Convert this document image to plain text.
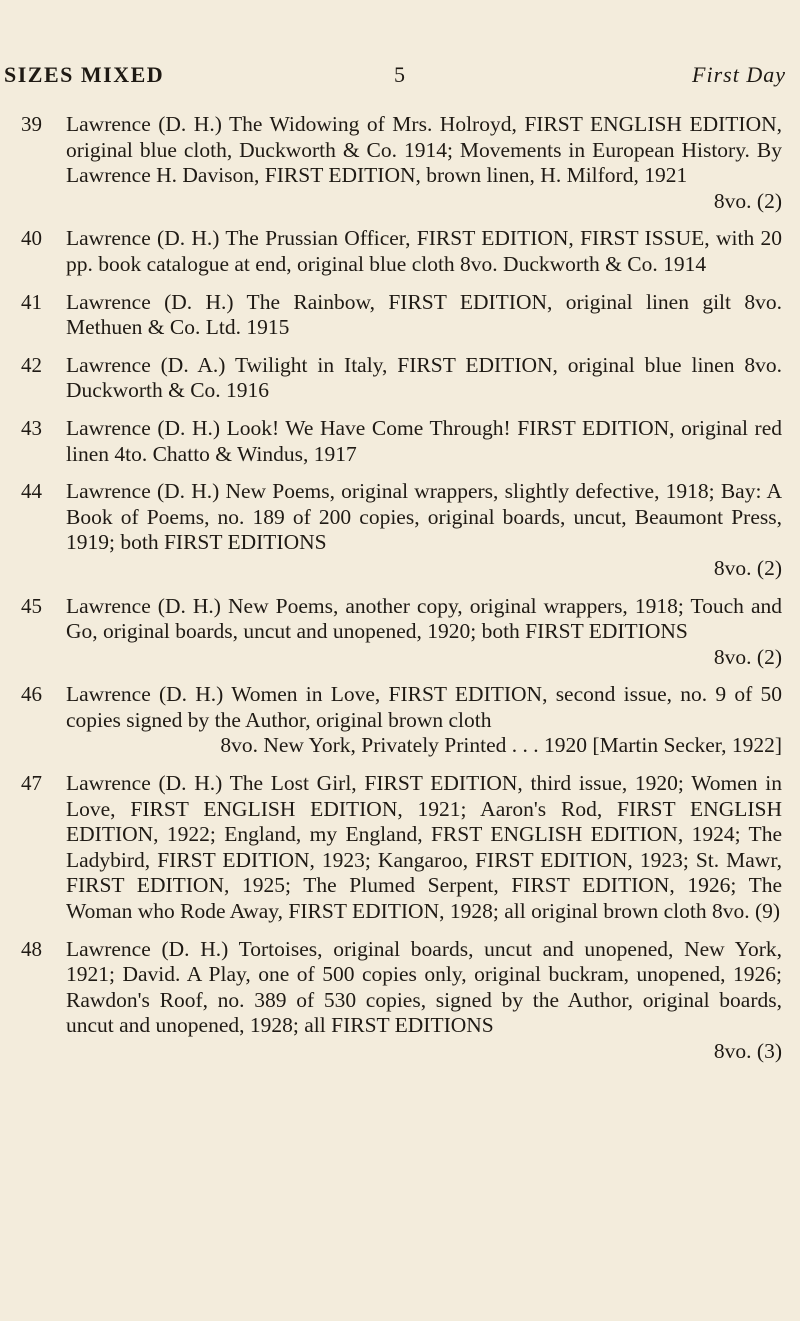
SIZES MIXED	5	First Day
39 Lawrence (D. H.) The Widowing of Mrs. Holroyd, FIRST ENGLISH EDITION, original blue cloth, Duckworth & Co. 1914; Movements in European History. By Lawrence H. Davison, FIRST EDITION, brown linen, H. Milford, 1921
8vo. (2)
40 Lawrence (D. H.) The Prussian Officer, FIRST EDITION, FIRST ISSUE, with 20 pp. book catalogue at end, original blue cloth 8vo. Duckworth & Co. 1914
41 Lawrence (D. H.) The Rainbow, FIRST EDITION, original linen gilt 8vo. Methuen & Co. Ltd. 1915
42 Lawrence (D. A.) Twilight in Italy, FIRST EDITION, original blue linen 8vo. Duckworth & Co. 1916
43 Lawrence (D. H.) Look! We Have Come Through! FIRST EDITION, original red linen 4to. Chatto & Windus, 1917
44 Lawrence (D. H.) New Poems, original wrappers, slightly defective, 1918; Bay: A Book of Poems, no. 189 of 200 copies, original boards, uncut, Beaumont Press, 1919; both FIRST EDITIONS
8vo. (2)
45 Lawrence (D. H.) New Poems, another copy, original wrappers, 1918; Touch and Go, original boards, uncut and unopened, 1920; both FIRST EDITIONS
8vo. (2)
46 Lawrence (D. H.) Women in Love, FIRST EDITION, second issue, no. 9 of 50 copies signed by the Author, original brown cloth
8vo. New York, Privately Printed . . . 1920 [Martin Secker, 1922]
47 Lawrence (D. H.) The Lost Girl, FIRST EDITION, third issue, 1920; Women in Love, FIRST ENGLISH EDITION, 1921; Aaron's Rod, FIRST ENGLISH EDITION, 1922; England, my England, FRST ENGLISH EDITION, 1924; The Ladybird, FIRST EDITION, 1923; Kangaroo, FIRST EDITION, 1923; St. Mawr, FIRST EDITION, 1925; The Plumed Serpent, FIRST EDITION, 1926; The Woman who Rode Away, FIRST EDITION, 1928; all original brown cloth 8vo. (9)
48 Lawrence (D. H.) Tortoises, original boards, uncut and unopened, New York, 1921; David. A Play, one of 500 copies only, original buckram, unopened, 1926; Rawdon's Roof, no. 389 of 530 copies, signed by the Author, original boards, uncut and unopened, 1928; all FIRST EDITIONS
8vo. (3)
